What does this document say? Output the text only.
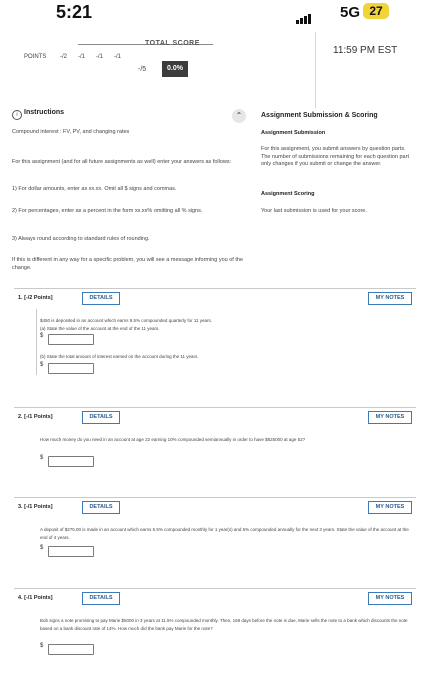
5:21	5G 27
TOTAL SCORE
POINTS -/2 -/1 -/1 -/1
-/5	0.0%
11:59 PM EST
i Instructions

Compound interest : FV, PV, and changing rates

For this assignment (and for all future assignments as well) enter your answers as follows:

1) For dollar amounts, enter as xx.xx. Omit all $ signs and commas.

2) For percentages, enter as a percent in the form xx.xx% omitting all % signs.

3) Always round according to standard rules of rounding.

If this is different in any way for a specific problem, you will see a message informing you of the change.

⌃	Assignment Submission & Scoring

Assignment Submission

For this assignment, you submit answers by question parts. The number of submissions remaining for each question part only changes if you submit or change the answer.

Assignment Scoring

Your last submission is used for your score.

1. [-/2 Points]	DETAILS	MY NOTES
$450 is deposited in an account which earns 9.5% compounded quarterly for 11 years.
(a) State the value of the account at the end of the 11 years.
$
(b) State the total amount of interest earned on the account during the 11 years.
$
2. [-/1 Points]	DETAILS	MY NOTES
How much money do you need in an account at age 22 earning 10% compounded semiannually in order to have $825000 at age 52?
$
3. [-/1 Points]	DETAILS	MY NOTES
A deposit of $275.00 is made in an account which earns 5.5% compounded monthly for 1 year(s) and 6% compounded annually for the next 3 years. State the value of the account at the end of 4 years.
$
4. [-/1 Points]	DETAILS	MY NOTES
Bob signs a note promising to pay Marie $5000 in 3 years at 11.5% compounded monthly. Then, 169 days before the note is due, Marie sells the note to a bank which discounts the note based on a bank discount rate of 14%. How much did the bank pay Marie for the note?
$
